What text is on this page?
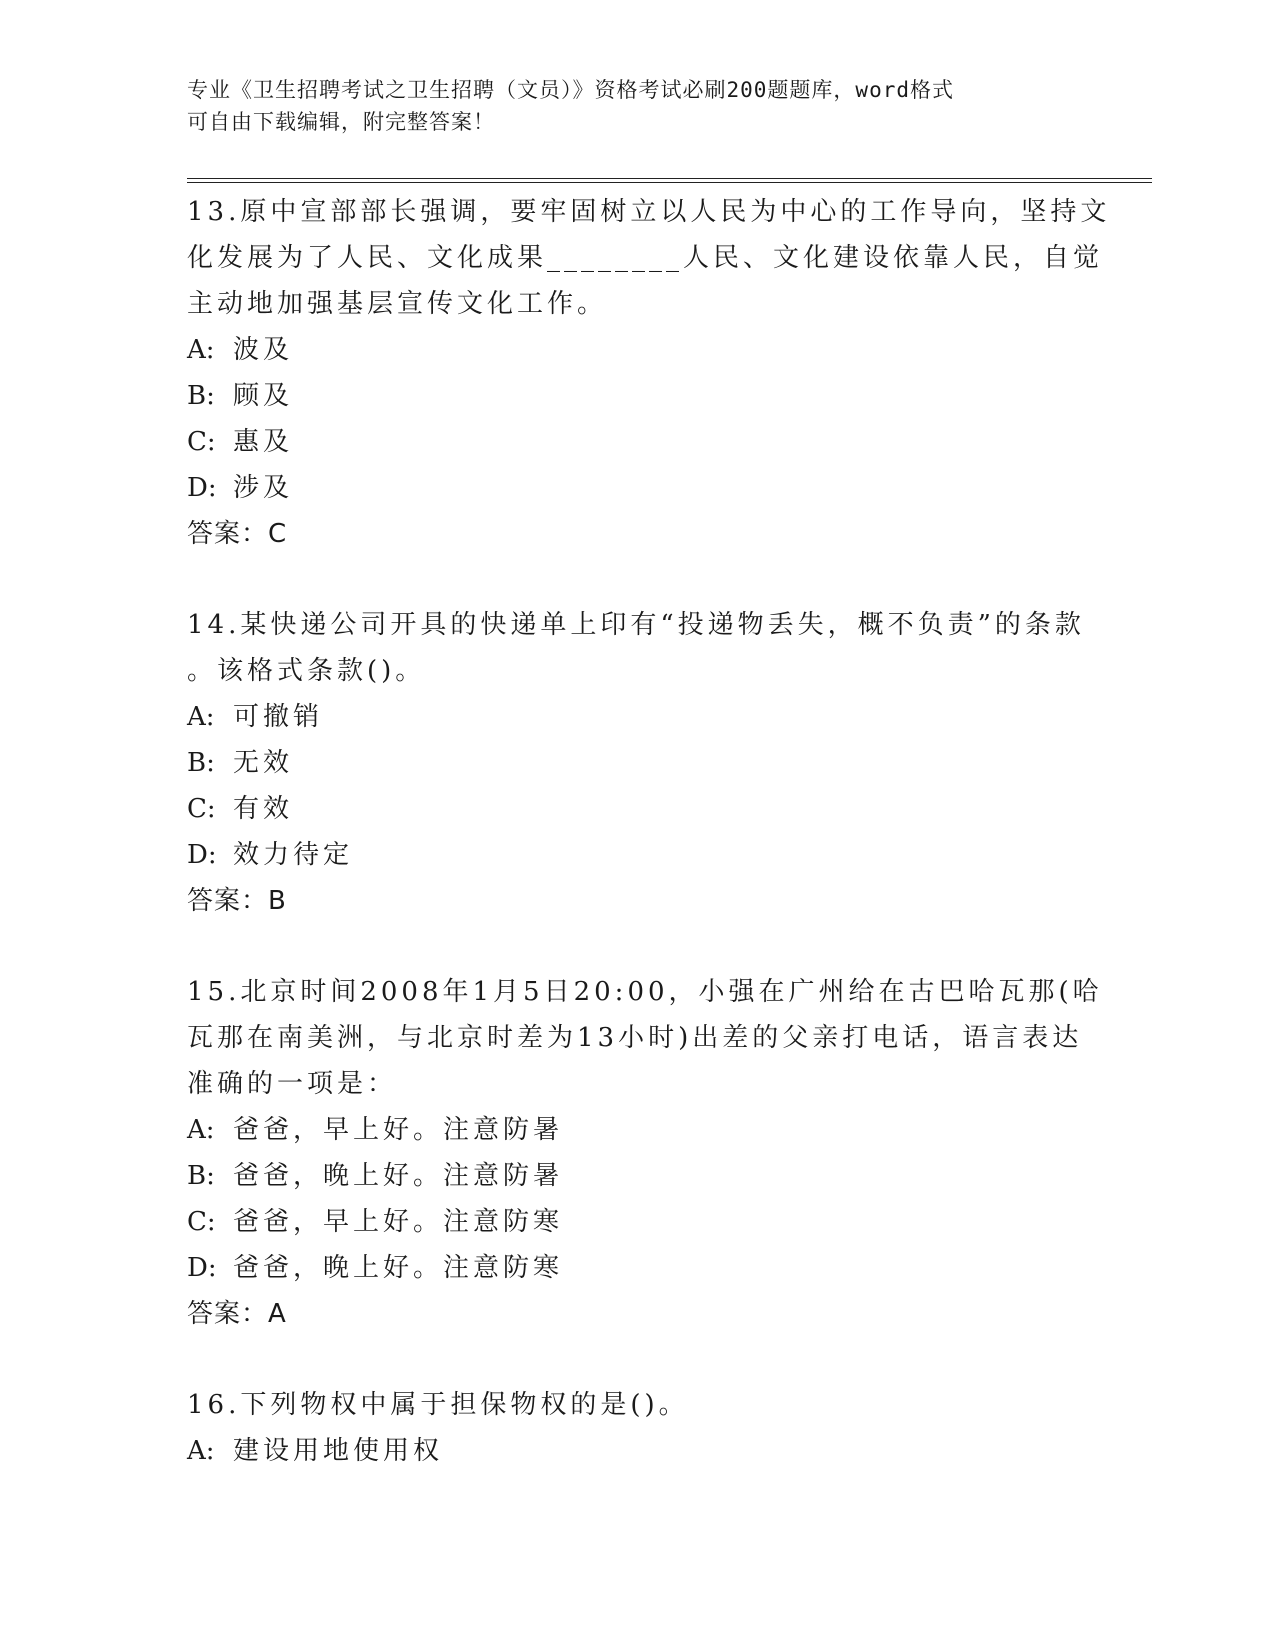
专业《卫生招聘考试之卫生招聘（文员）》资格考试必刷200题题库，word格式
可自由下载编辑，附完整答案！
13.原中宣部部长强调，要牢固树立以人民为中心的工作导向，坚持文
化发展为了人民、文化成果________人民、文化建设依靠人民，自觉
主动地加强基层宣传文化工作。
A: 波及
B: 顾及
C: 惠及
D: 涉及
答案：C
14.某快递公司开具的快递单上印有“投递物丢失，概不负责”的条款
。该格式条款()。
A: 可撤销
B: 无效
C: 有效
D: 效力待定
答案：B
15.北京时间2008年1月5日20:00，小强在广州给在古巴哈瓦那(哈
瓦那在南美洲，与北京时差为13小时)出差的父亲打电话，语言表达
准确的一项是：
A: 爸爸，早上好。注意防暑
B: 爸爸，晚上好。注意防暑
C: 爸爸，早上好。注意防寒
D: 爸爸，晚上好。注意防寒
答案：A
16.下列物权中属于担保物权的是()。
A: 建设用地使用权
